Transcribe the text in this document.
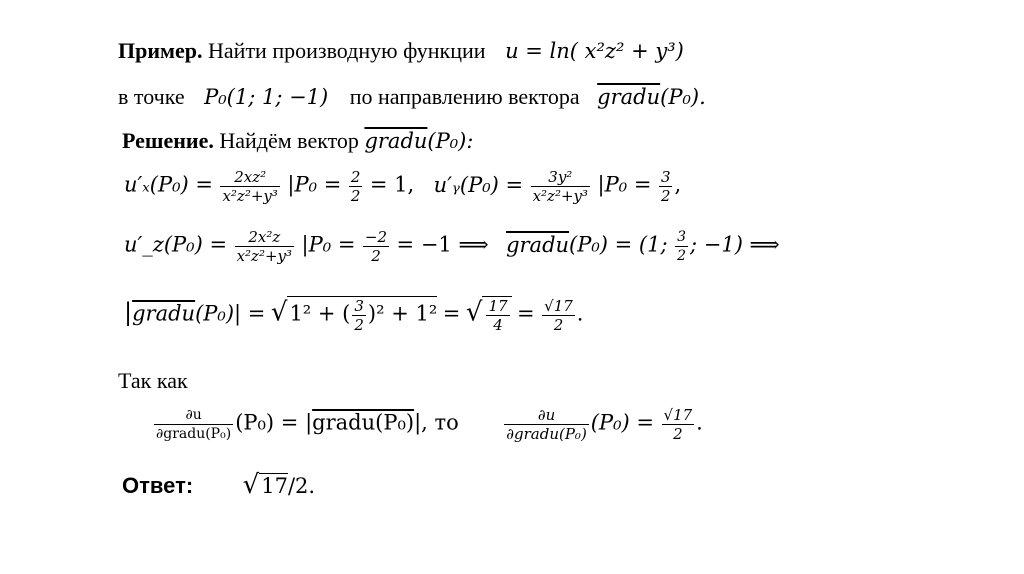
Пример. Найти производную функции u = ln( x²z² + y³)
в точке P₀(1; 1; −1) по направлению вектора gradu(P₀).
Решение. Найдём вектор gradu(P₀):
$u'_x(P_0) = \frac{\text{2xz²}}{\text{x²z²+y³}} |P_0 = \frac{2}{2} = 1$, u′ᵧ(P₀) = $\frac{\text{3y²}}{\text{x²z²+y³}} |P_0 = \frac{3}{2}$ ,
u′_z(P₀) = $\frac{\text{2x²z}}{\text{x²z²+y³}} |P_0 = \frac{-2}{2} = -1$ ⟹ gradu(P₀) = (1; $\frac{3}{2}$ ; −1) ⟹
|gradu(P₀)| = √1² + ( $\frac{3}{2} )^2 + 1^2$ = √ $\frac{17}{4} = \frac{√17}{2}$ .
Так как
$\frac{\partial u}{\text{∂gradu(P₀)}} (P_0)$ = |gradu(P₀)|, то	$\frac{\partial u}{\text{∂gradu(P₀)}} (P_0) = \frac{√17}{2}$ .
Ответ: √17/2.
